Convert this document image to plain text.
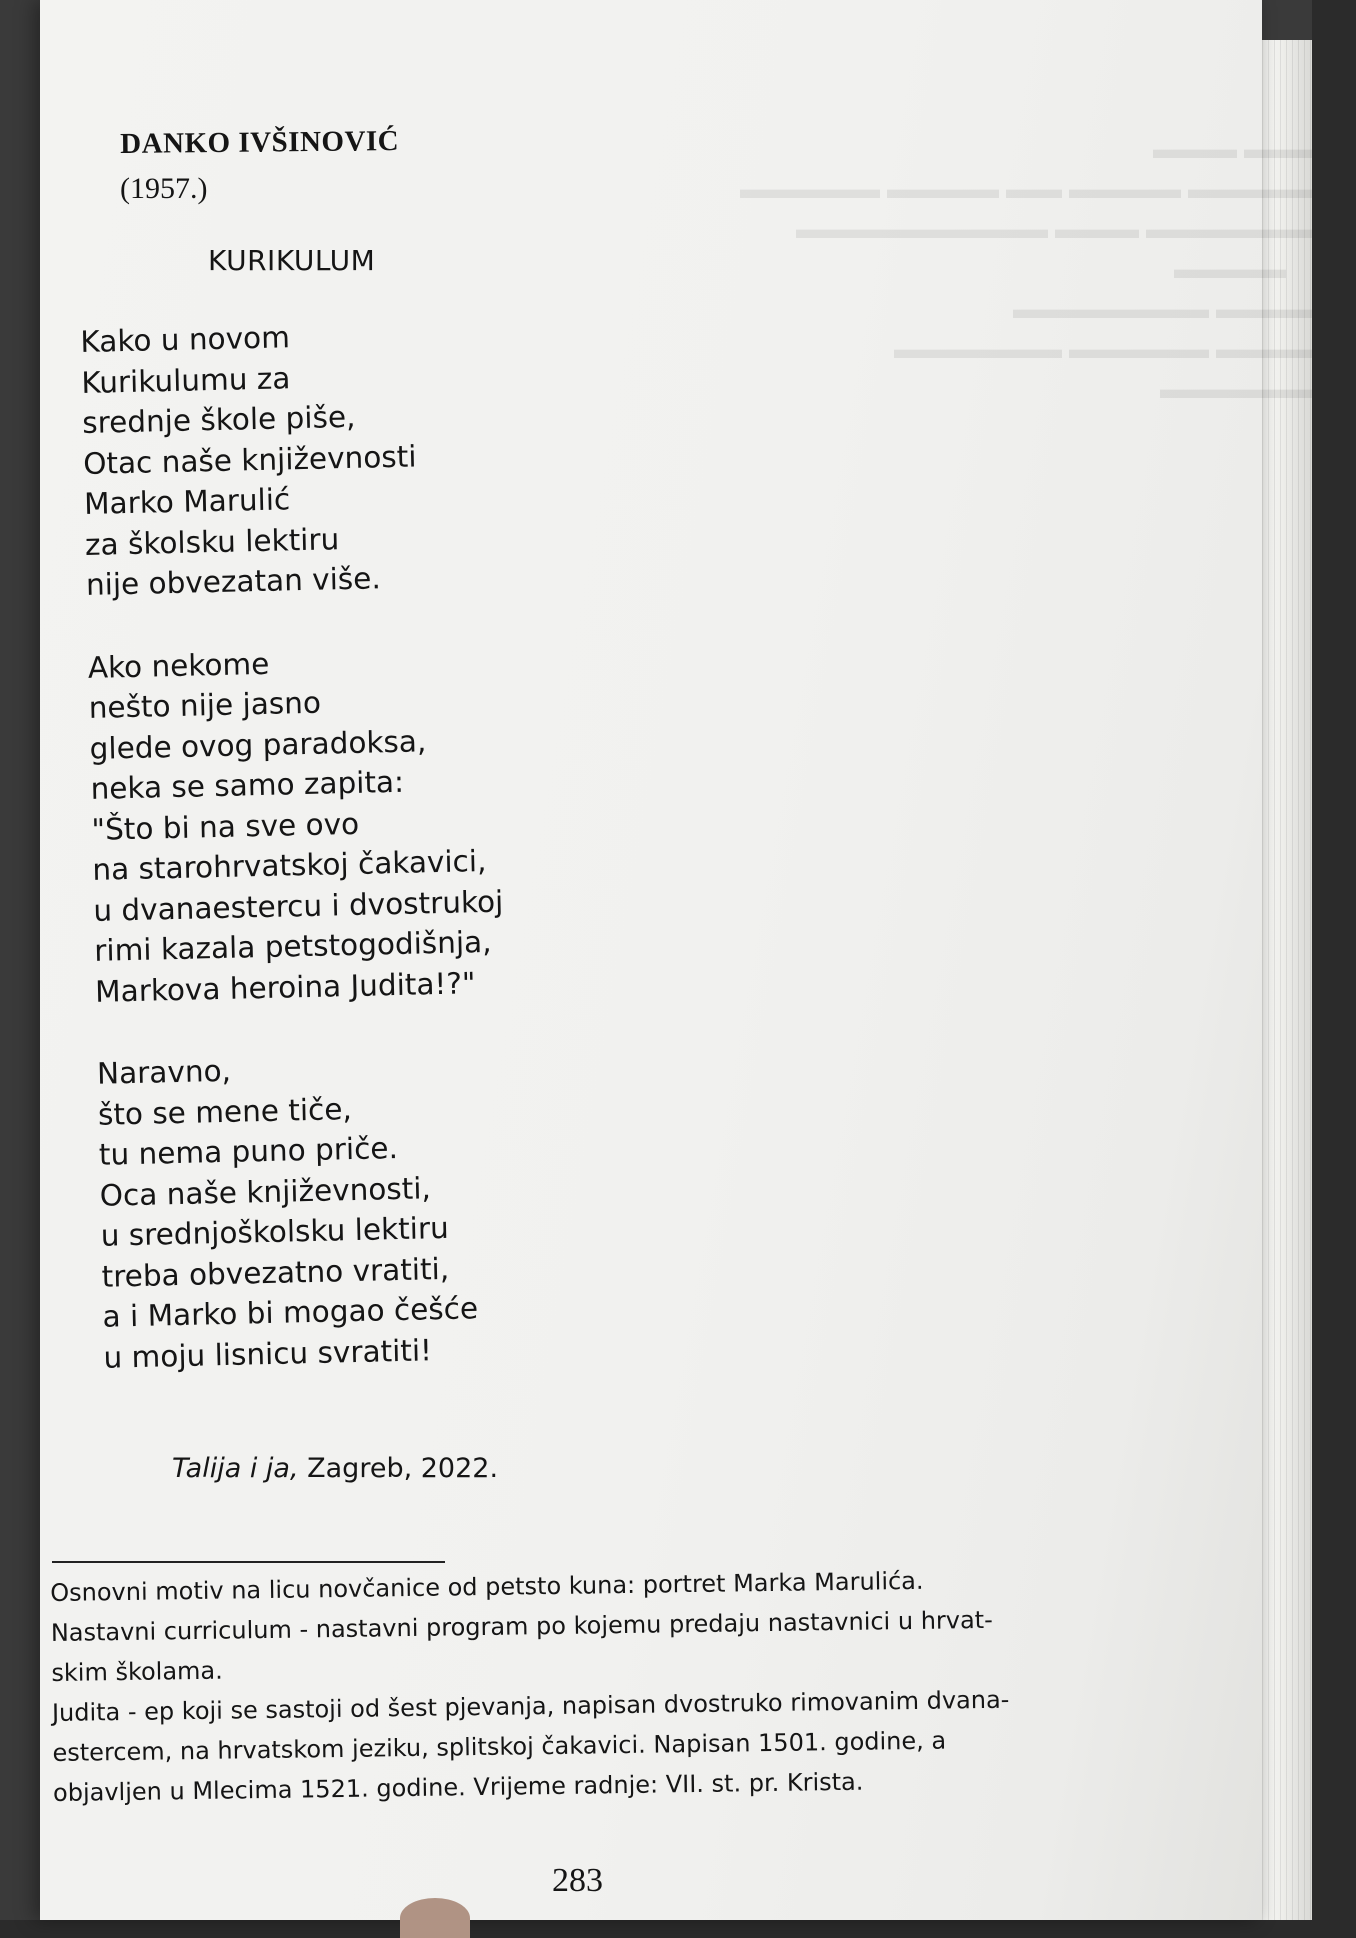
▬▬▬
▬▬▬▬ ▬▬ ▬▬▬▬ ▬▬▬▬▬
▬▬▬▬▬▬ ▬▬▬ ▬▬▬▬▬▬▬▬▬
▬▬▬▬
▬▬▬▬▬▬▬
▬▬▬▬▬ ▬▬▬▬▬▬
▬▬▬▬▬▬▬
DANKO IVŠINOVIĆ
(1957.)
KURIKULUM
Kako u novom
Kurikulumu za
srednje škole piše,
Otac naše književnosti
Marko Marulić
za školsku lektiru
nije obvezatan više.
Ako nekome
nešto nije jasno
glede ovog paradoksa,
neka se samo zapita:
"Što bi na sve ovo
na starohrvatskoj čakavici,
u dvanaestercu i dvostrukoj
rimi kazala petstogodišnja,
Markova heroina Judita!?"
Naravno,
što se mene tiče,
tu nema puno priče.
Oca naše književnosti,
u srednjoškolsku lektiru
treba obvezatno vratiti,
a i Marko bi mogao češće
u moju lisnicu svratiti!
Talija i ja, Zagreb, 2022.
Osnovni motiv na licu novčanice od petsto kuna: portret Marka Marulića.
Nastavni curriculum - nastavni program po kojemu predaju nastavnici u hrvat-
skim školama.
Judita - ep koji se sastoji od šest pjevanja, napisan dvostruko rimovanim dvana-
estercem, na hrvatskom jeziku, splitskoj čakavici. Napisan 1501. godine, a
objavljen u Mlecima 1521. godine. Vrijeme radnje: VII. st. pr. Krista.
283
